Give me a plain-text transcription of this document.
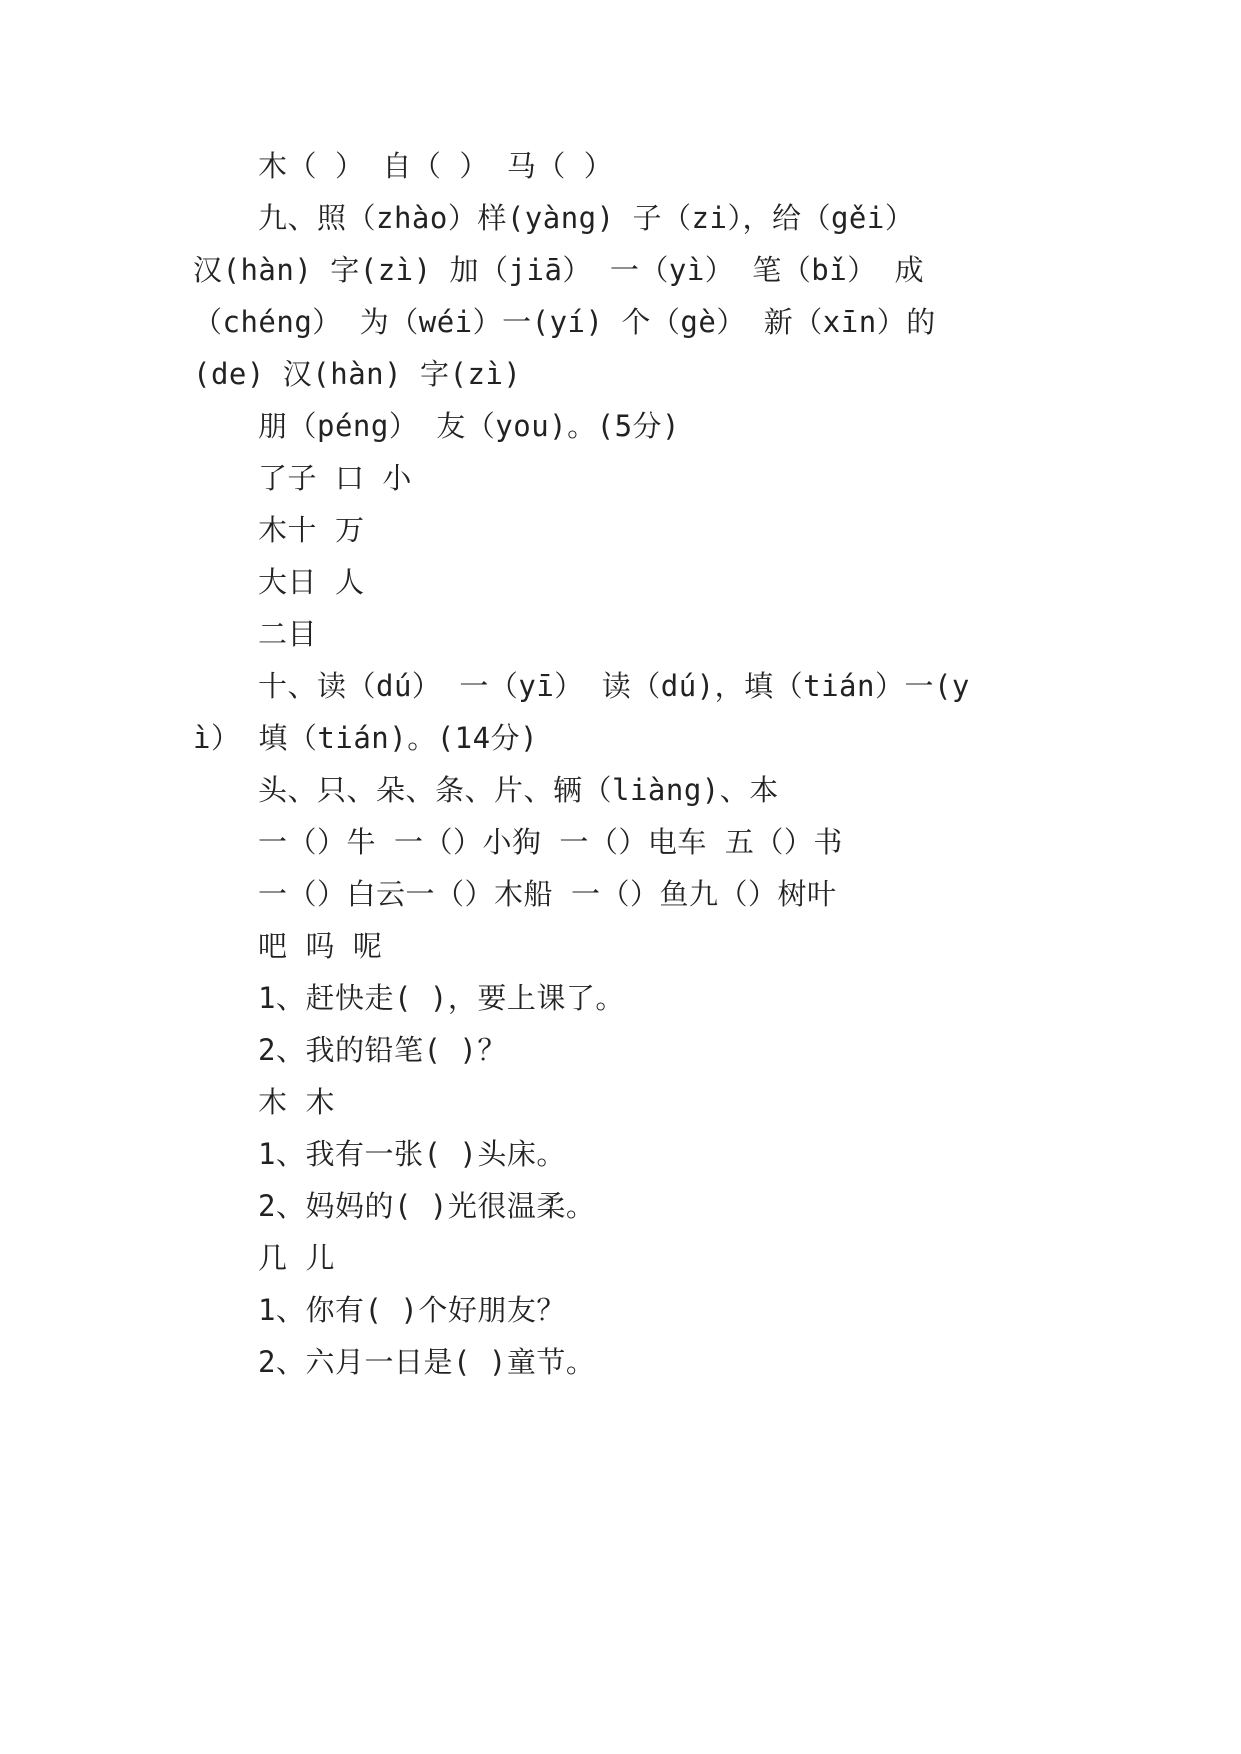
木（ ） 自（ ） 马（ ）
九、照（zhào）样(yàng) 子（zi），给（gěi）
汉(hàn) 字(zì) 加（jiā） 一（yì） 笔（bǐ） 成
（chéng） 为（wéi）一(yí) 个（gè） 新（xīn）的
(de) 汉(hàn) 字(zì)
朋（péng） 友（you)。(5分)
了子 口 小
木十 万
大日 人
二目
十、读（dú） 一（yī） 读（dú)，填（tián）一(y
ì） 填（tián)。(14分)
头、只、朵、条、片、辆（liàng)、本
一（）牛 一（）小狗 一（）电车 五（）书
一（）白云一（）木船 一（）鱼九（）树叶
吧 吗 呢
1、赶快走( )，要上课了。
2、我的铅笔( )？
木 木
1、我有一张( )头床。
2、妈妈的( )光很温柔。
几 儿
1、你有( )个好朋友？
2、六月一日是( )童节。
